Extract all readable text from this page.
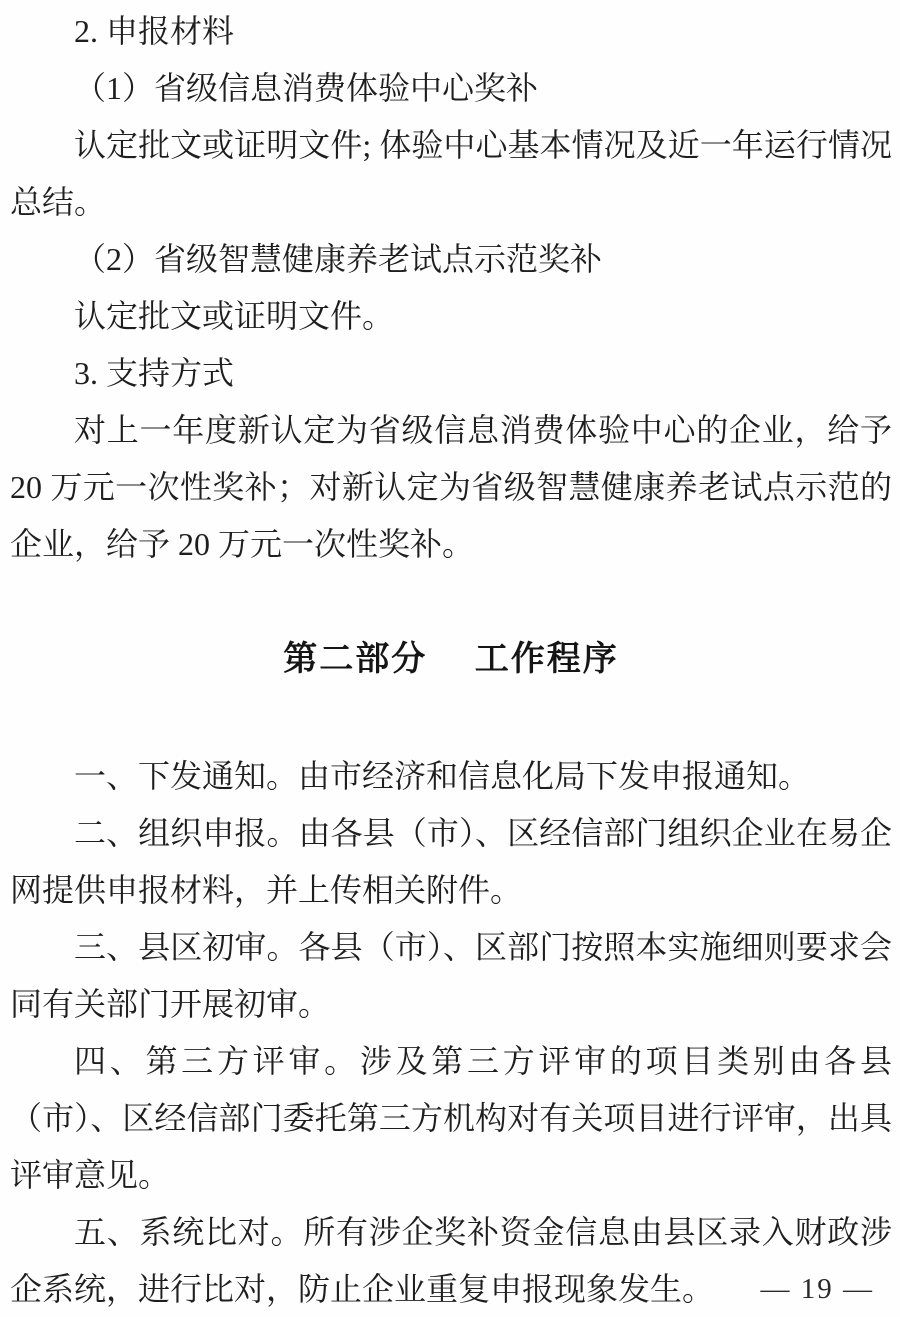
2. 申报材料

（1）省级信息消费体验中心奖补

认定批文或证明文件; 体验中心基本情况及近一年运行情况总结。

（2）省级智慧健康养老试点示范奖补

认定批文或证明文件。

3. 支持方式

对上一年度新认定为省级信息消费体验中心的企业，给予 20 万元一次性奖补；对新认定为省级智慧健康养老试点示范的企业，给予 20 万元一次性奖补。

第二部分　 工作程序

一、下发通知。由市经济和信息化局下发申报通知。

二、组织申报。由各县（市）、区经信部门组织企业在易企网提供申报材料，并上传相关附件。

三、县区初审。各县（市）、区部门按照本实施细则要求会同有关部门开展初审。

四、第三方评审。涉及第三方评审的项目类别由各县（市）、区经信部门委托第三方机构对有关项目进行评审，出具评审意见。

五、系统比对。所有涉企奖补资金信息由县区录入财政涉企系统，进行比对，防止企业重复申报现象发生。	— 19 —
